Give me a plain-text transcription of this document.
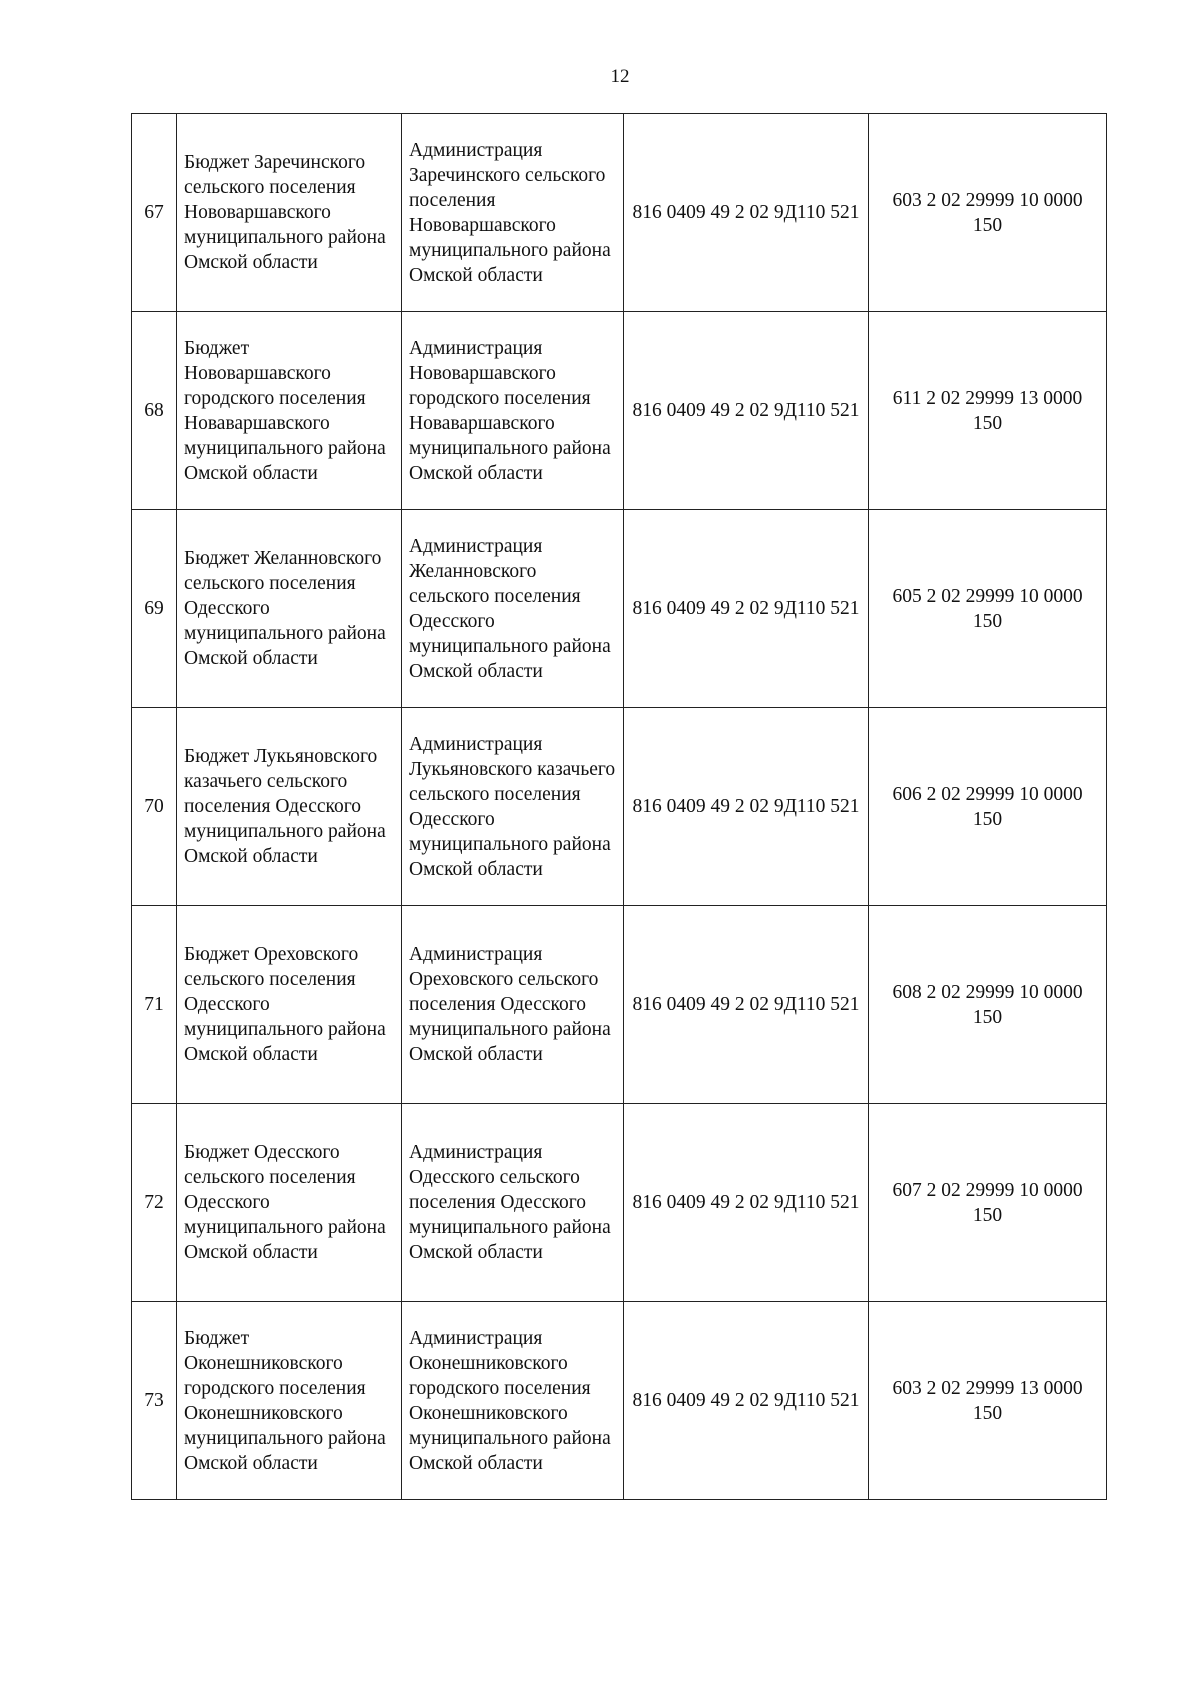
12
67	Бюджет Заречинского сельского поселения Нововаршавского муниципального района Омской области	Администрация Заречинского сельского поселения Нововаршавского муниципального района Омской области	816 0409 49 2 02 9Д110 521	603 2 02 29999 10 0000 150
68	Бюджет Нововаршавского городского поселения Новаваршавского муниципального района Омской области	Администрация Нововаршавского городского поселения Новаваршавского муниципального района Омской области	816 0409 49 2 02 9Д110 521	611 2 02 29999 13 0000 150
69	Бюджет Желанновского сельского поселения Одесского муниципального района Омской области	Администрация Желанновского сельского поселения Одесского муниципального района Омской области	816 0409 49 2 02 9Д110 521	605 2 02 29999 10 0000 150
70	Бюджет Лукьяновского казачьего сельского поселения Одесского муниципального района Омской области	Администрация Лукьяновского казачьего сельского поселения Одесского муниципального района Омской области	816 0409 49 2 02 9Д110 521	606 2 02 29999 10 0000 150
71	Бюджет Ореховского сельского поселения Одесского муниципального района Омской области	Администрация Ореховского сельского поселения Одесского муниципального района Омской области	816 0409 49 2 02 9Д110 521	608 2 02 29999 10 0000 150
72	Бюджет Одесского сельского поселения Одесского муниципального района Омской области	Администрация Одесского сельского поселения Одесского муниципального района Омской области	816 0409 49 2 02 9Д110 521	607 2 02 29999 10 0000 150
73	Бюджет Оконешниковского городского поселения Оконешниковского муниципального района Омской области	Администрация Оконешниковского городского поселения Оконешниковского муниципального района Омской области	816 0409 49 2 02 9Д110 521	603 2 02 29999 13 0000 150
